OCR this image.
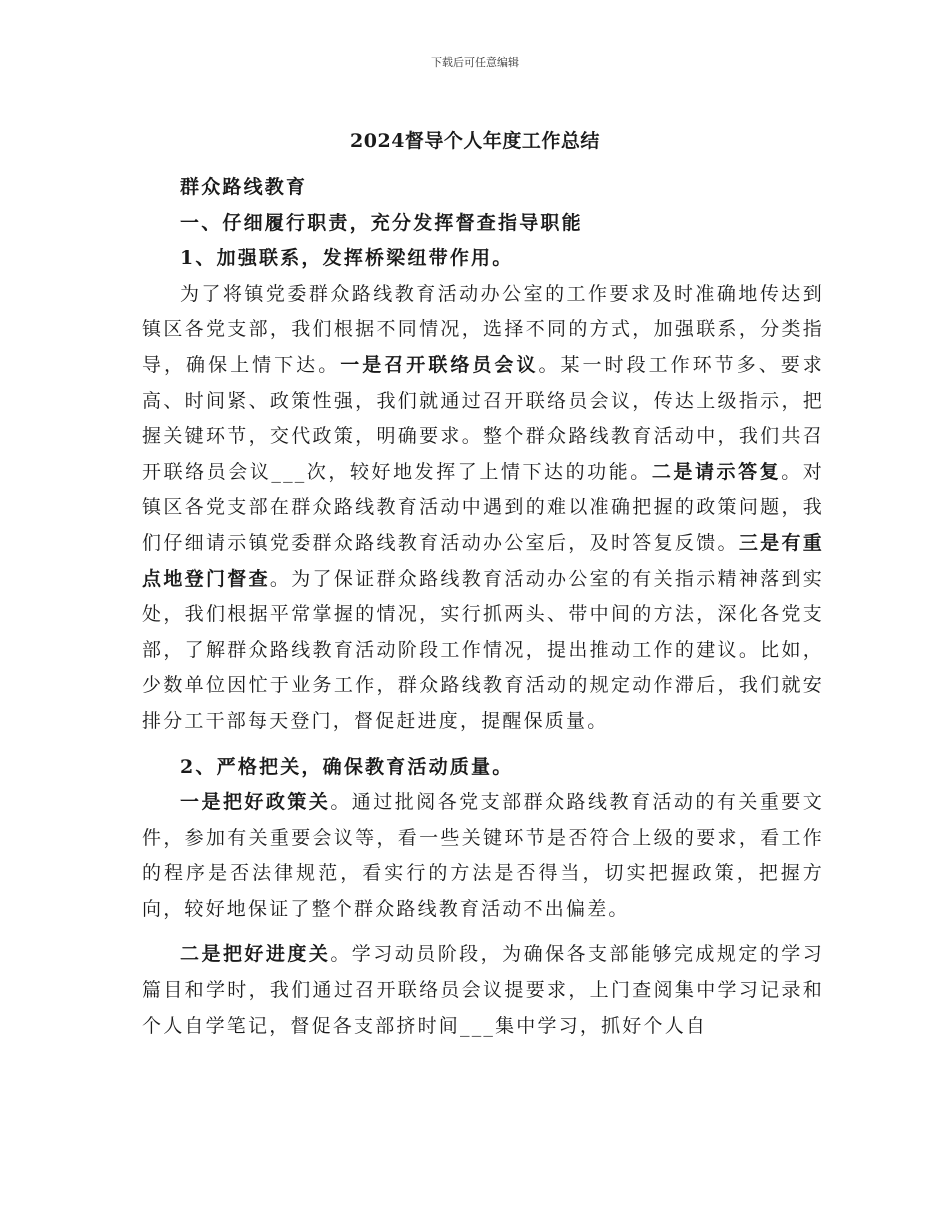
下载后可任意编辑
2024督导个人年度工作总结

群众路线教育

一、仔细履行职责，充分发挥督查指导职能

1、加强联系，发挥桥梁纽带作用。

为了将镇党委群众路线教育活动办公室的工作要求及时准确地传达到镇区各党支部，我们根据不同情况，选择不同的方式，加强联系，分类指导，确保上情下达。一是召开联络员会议。某一时段工作环节多、要求高、时间紧、政策性强，我们就通过召开联络员会议，传达上级指示，把握关键环节，交代政策，明确要求。整个群众路线教育活动中，我们共召开联络员会议___次，较好地发挥了上情下达的功能。二是请示答复。对镇区各党支部在群众路线教育活动中遇到的难以准确把握的政策问题，我们仔细请示镇党委群众路线教育活动办公室后，及时答复反馈。三是有重点地登门督查。为了保证群众路线教育活动办公室的有关指示精神落到实处，我们根据平常掌握的情况，实行抓两头、带中间的方法，深化各党支部，了解群众路线教育活动阶段工作情况，提出推动工作的建议。比如，少数单位因忙于业务工作，群众路线教育活动的规定动作滞后，我们就安排分工干部每天登门，督促赶进度，提醒保质量。

2、严格把关，确保教育活动质量。

一是把好政策关。通过批阅各党支部群众路线教育活动的有关重要文件，参加有关重要会议等，看一些关键环节是否符合上级的要求，看工作的程序是否法律规范，看实行的方法是否得当，切实把握政策，把握方向，较好地保证了整个群众路线教育活动不出偏差。

二是把好进度关。学习动员阶段，为确保各支部能够完成规定的学习篇目和学时，我们通过召开联络员会议提要求，上门查阅集中学习记录和个人自学笔记，督促各支部挤时间___集中学习，抓好个人自
